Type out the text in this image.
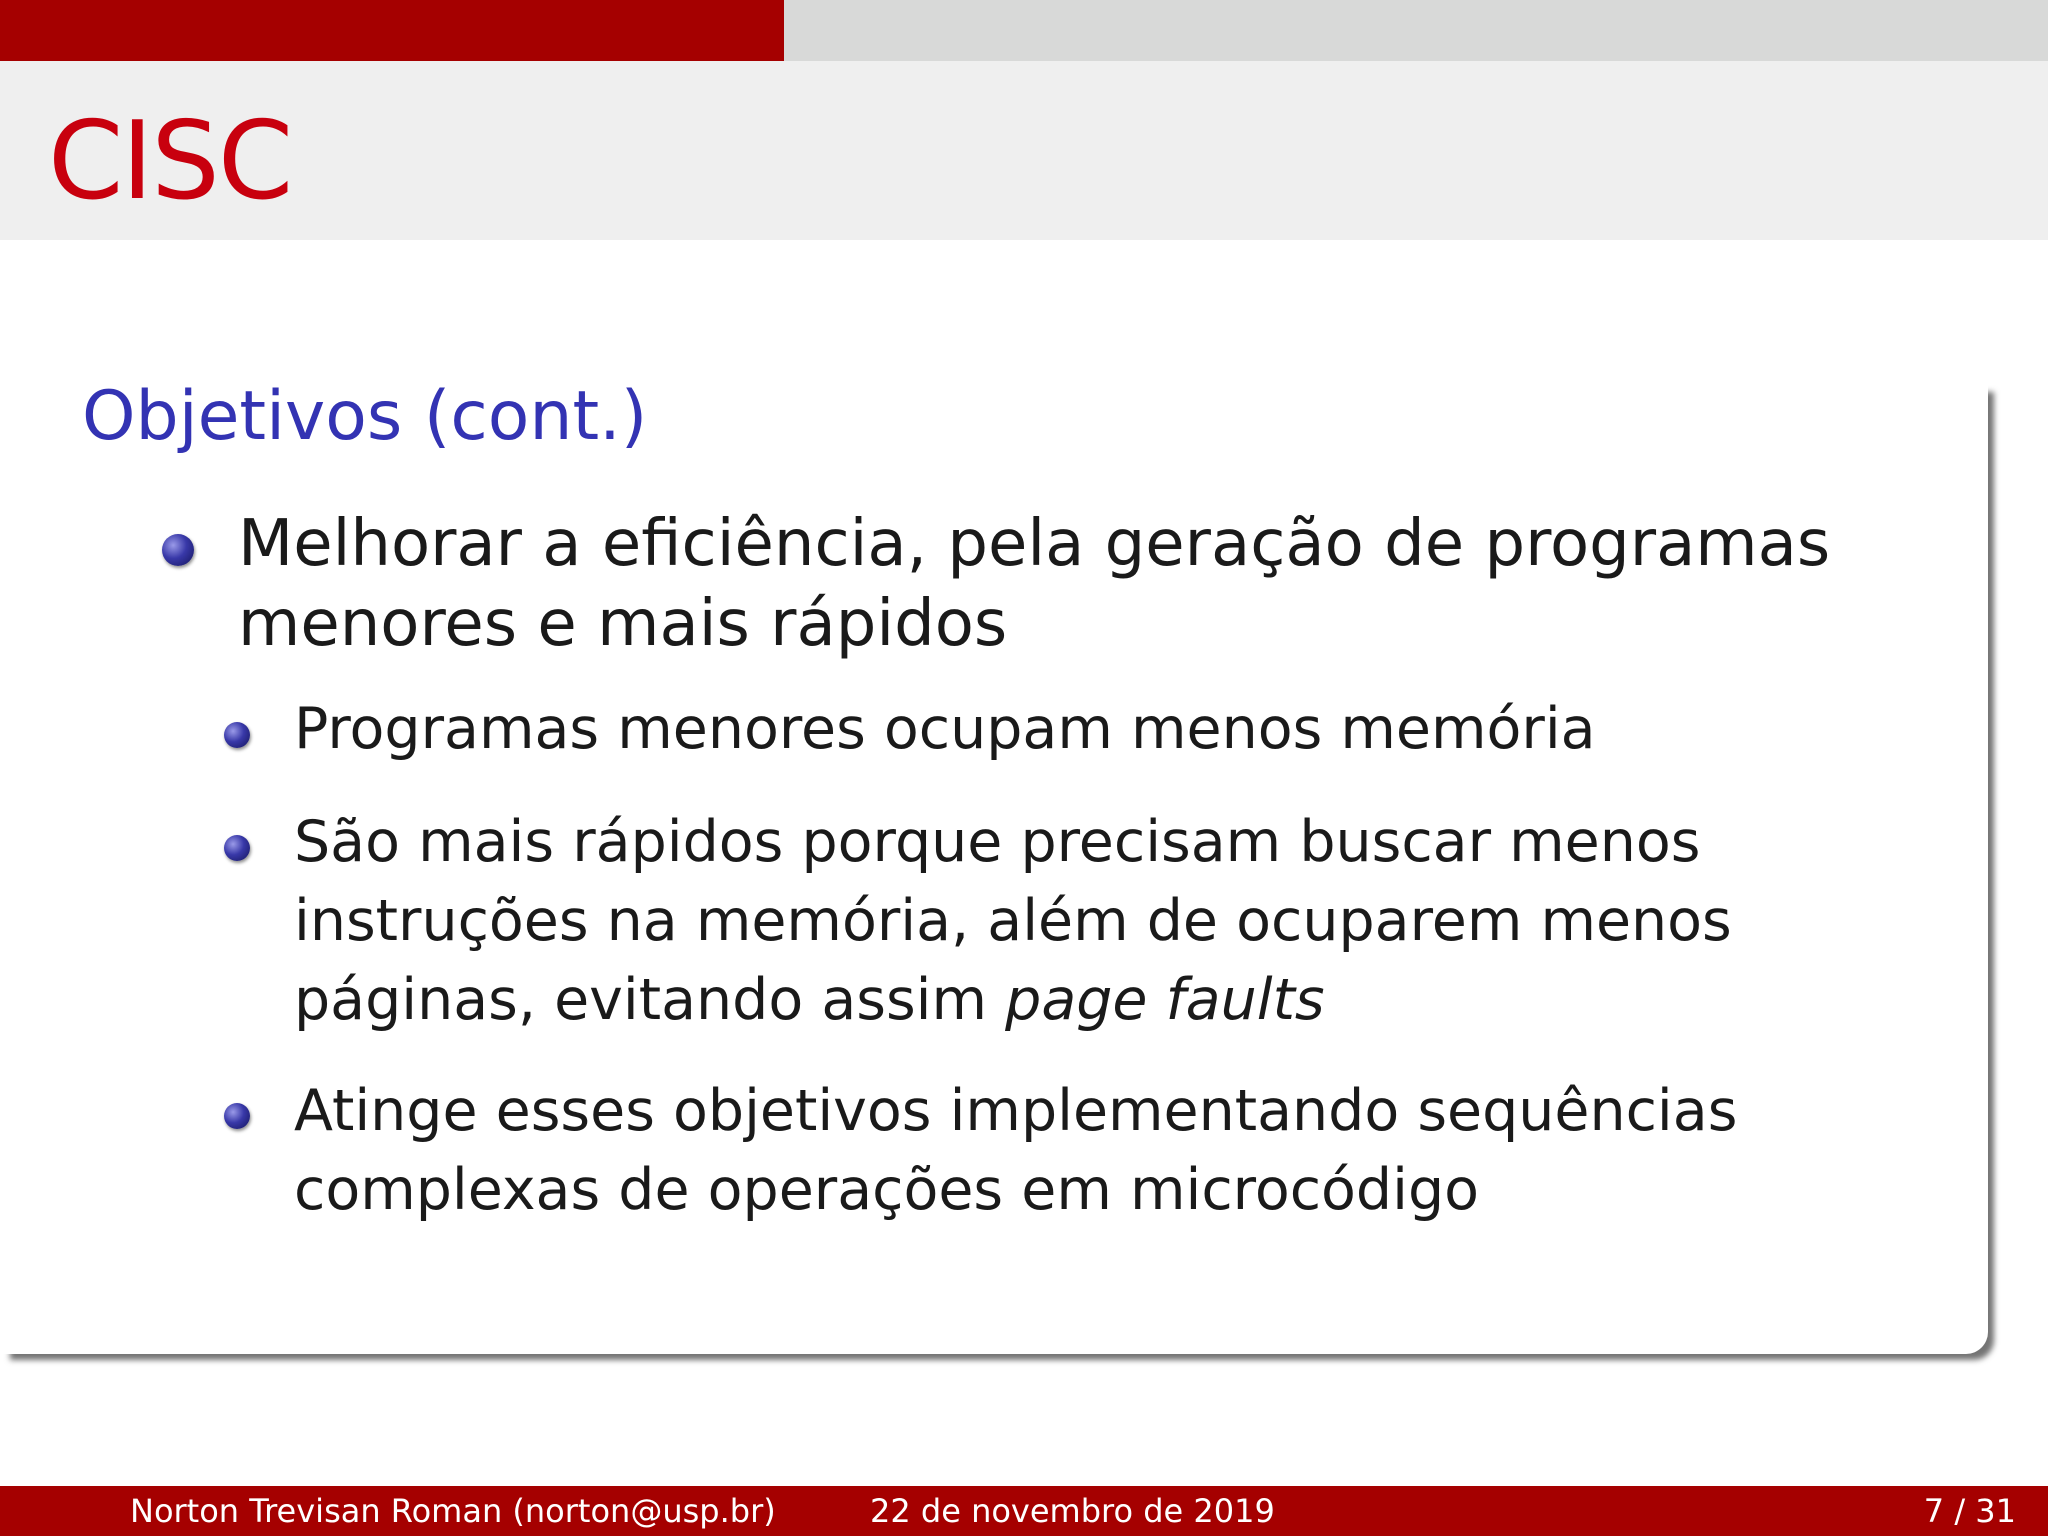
CISC
Objetivos (cont.)
Melhorar a eficiência, pela geração de programas menores e mais rápidos
Programas menores ocupam menos memória
São mais rápidos porque precisam buscar menos instruções na memória, além de ocuparem menos páginas, evitando assim page faults
Atinge esses objetivos implementando sequências complexas de operações em microcódigo
Norton Trevisan Roman (norton@usp.br)	22 de novembro de 2019	7 / 31
